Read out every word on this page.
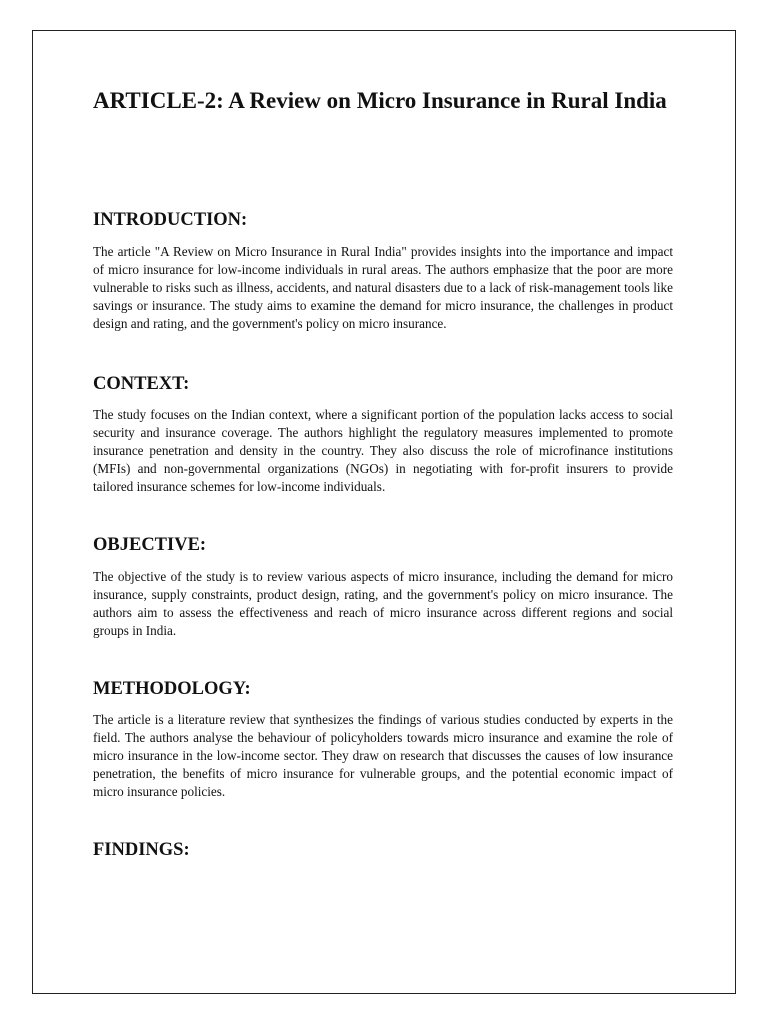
ARTICLE-2: A Review on Micro Insurance in Rural India
INTRODUCTION:

The article "A Review on Micro Insurance in Rural India" provides insights into the importance and impact of micro insurance for low-income individuals in rural areas. The authors emphasize that the poor are more vulnerable to risks such as illness, accidents, and natural disasters due to a lack of risk-management tools like savings or insurance. The study aims to examine the demand for micro insurance, the challenges in product design and rating, and the government's policy on micro insurance.

CONTEXT:

The study focuses on the Indian context, where a significant portion of the population lacks access to social security and insurance coverage. The authors highlight the regulatory measures implemented to promote insurance penetration and density in the country. They also discuss the role of microfinance institutions (MFIs) and non-governmental organizations (NGOs) in negotiating with for-profit insurers to provide tailored insurance schemes for low-income individuals.

OBJECTIVE:

The objective of the study is to review various aspects of micro insurance, including the demand for micro insurance, supply constraints, product design, rating, and the government's policy on micro insurance. The authors aim to assess the effectiveness and reach of micro insurance across different regions and social groups in India.

METHODOLOGY:

The article is a literature review that synthesizes the findings of various studies conducted by experts in the field. The authors analyse the behaviour of policyholders towards micro insurance and examine the role of micro insurance in the low-income sector. They draw on research that discusses the causes of low insurance penetration, the benefits of micro insurance for vulnerable groups, and the potential economic impact of micro insurance policies.

FINDINGS:
